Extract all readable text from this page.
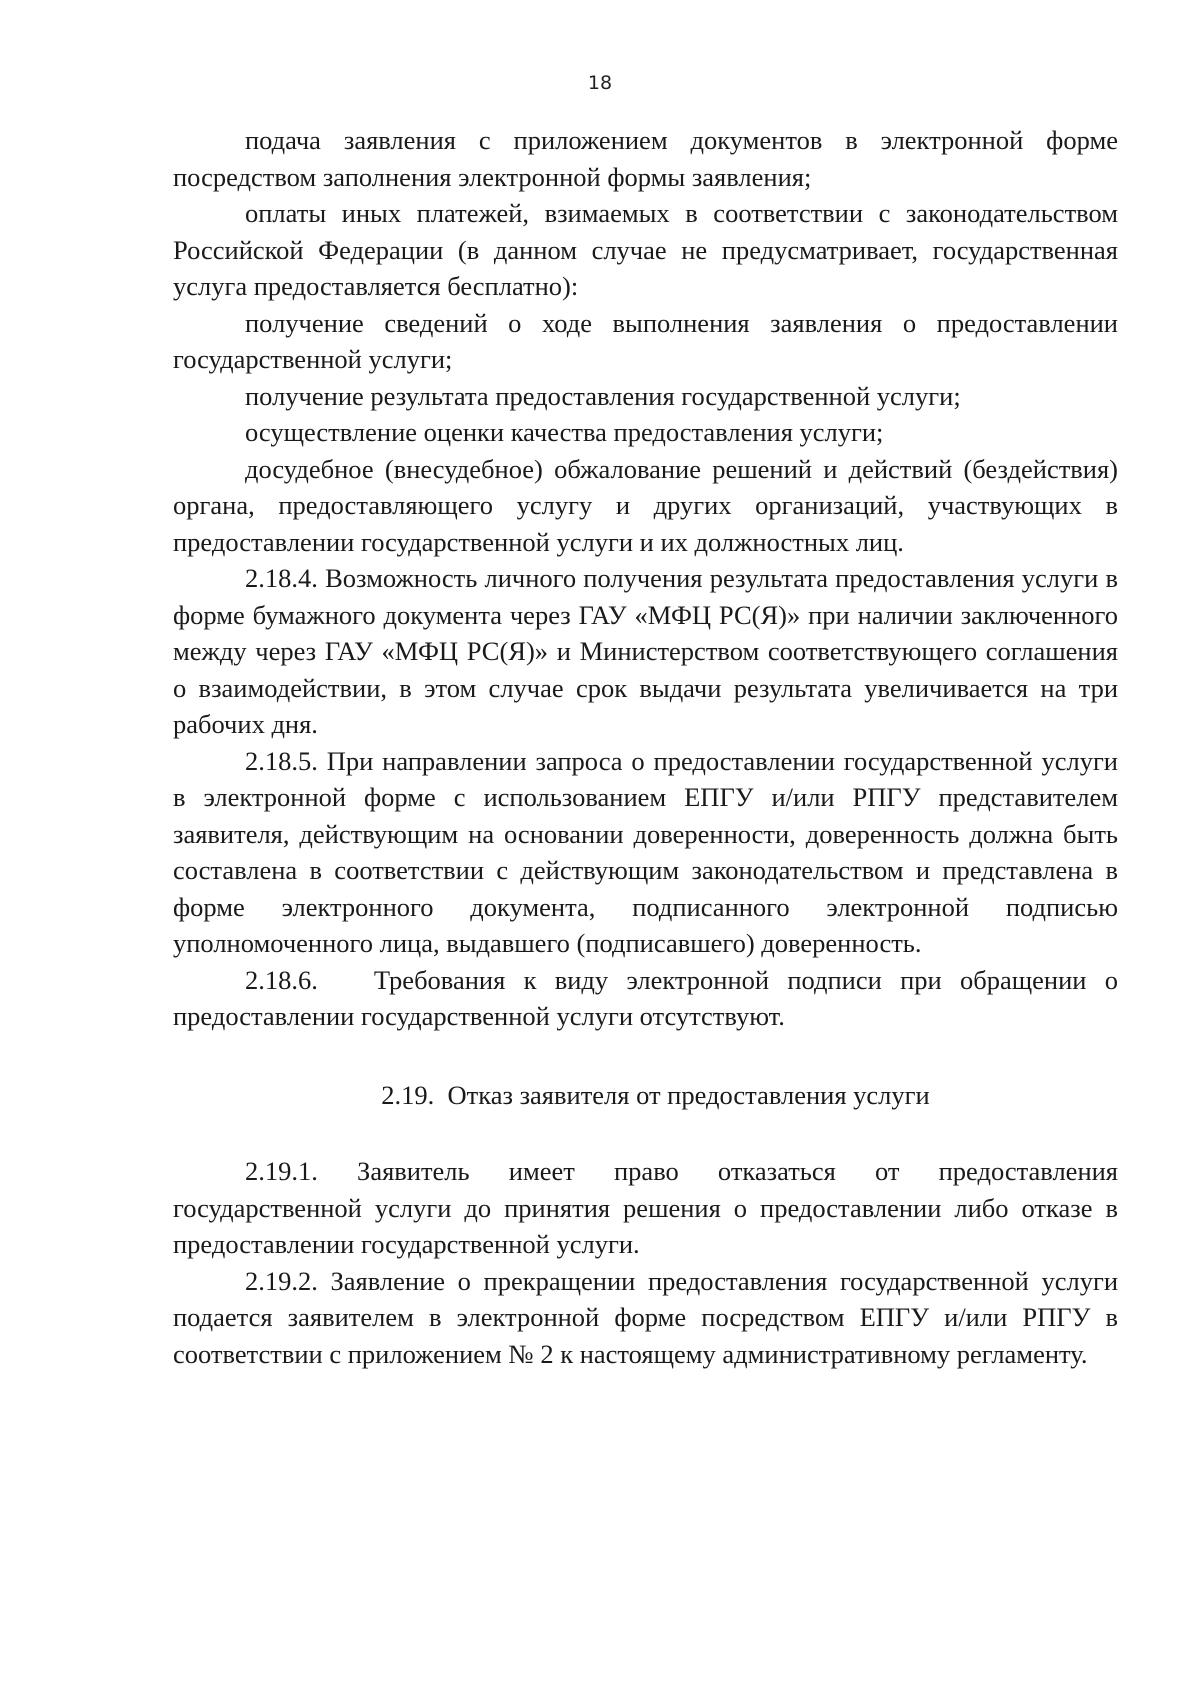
18

подача заявления с приложением документов в электронной форме посредством заполнения электронной формы заявления;

оплаты иных платежей, взимаемых в соответствии с законодательством Российской Федерации (в данном случае не предусматривает, государственная услуга предоставляется бесплатно):

получение сведений о ходе выполнения заявления о предоставлении государственной услуги;

получение результата предоставления государственной услуги;

осуществление оценки качества предоставления услуги;

досудебное (внесудебное) обжалование решений и действий (бездействия) органа, предоставляющего услугу и других организаций, участвующих в предоставлении государственной услуги и их должностных лиц.

2.18.4. Возможность личного получения результата предоставления услуги в форме бумажного документа через ГАУ «МФЦ РС(Я)» при наличии заключенного между через ГАУ «МФЦ РС(Я)» и Министерством соответствующего соглашения о взаимодействии, в этом случае срок выдачи результата увеличивается на три рабочих дня.

2.18.5. При направлении запроса о предоставлении государственной услуги в электронной форме с использованием ЕПГУ и/или РПГУ представителем заявителя, действующим на основании доверенности, доверенность должна быть составлена в соответствии с действующим законодательством и представлена в форме электронного документа, подписанного электронной подписью уполномоченного лица, выдавшего (подписавшего) доверенность.

2.18.6. Требования к виду электронной подписи при обращении о предоставлении государственной услуги отсутствуют.

2.19.  Отказ заявителя от предоставления услуги

2.19.1. Заявитель имеет право отказаться от предоставления государственной услуги до принятия решения о предоставлении либо отказе в предоставлении государственной услуги.

2.19.2. Заявление о прекращении предоставления государственной услуги подается заявителем в электронной форме посредством ЕПГУ и/или РПГУ в соответствии с приложением № 2 к настоящему административному регламенту.
